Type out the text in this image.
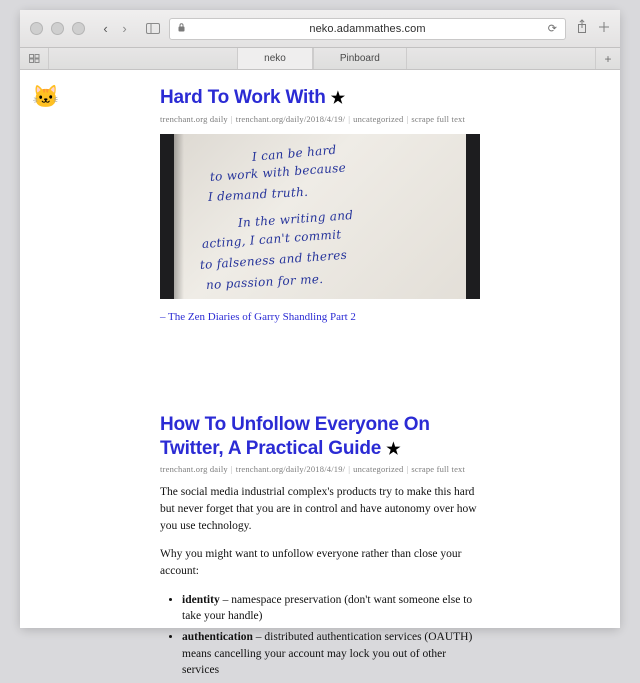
‹	›	neko.adammathes.com	⟳
neko	Pinboard	+
🐱	Hard To Work With ★
trenchant.org daily | trenchant.org/daily/2018/4/19/ | uncategorized | scrape full text
I can be hard
to work with because
I demand truth.
In the writing and
acting, I can't commit
to falseness and theres
no passion for me.
– The Zen Diaries of Garry Shandling Part 2
How To Unfollow Everyone On Twitter, A Practical Guide ★
trenchant.org daily | trenchant.org/daily/2018/4/19/ | uncategorized | scrape full text

The social media industrial complex's products try to make this hard but never forget that you are in control and have autonomy over how you use technology.

Why you might want to unfollow everyone rather than close your account:

• identity – namespace preservation (don't want someone else to take your handle)
• authentication – distributed authentication services (OAUTH) means cancelling your account may lock you out of other services
